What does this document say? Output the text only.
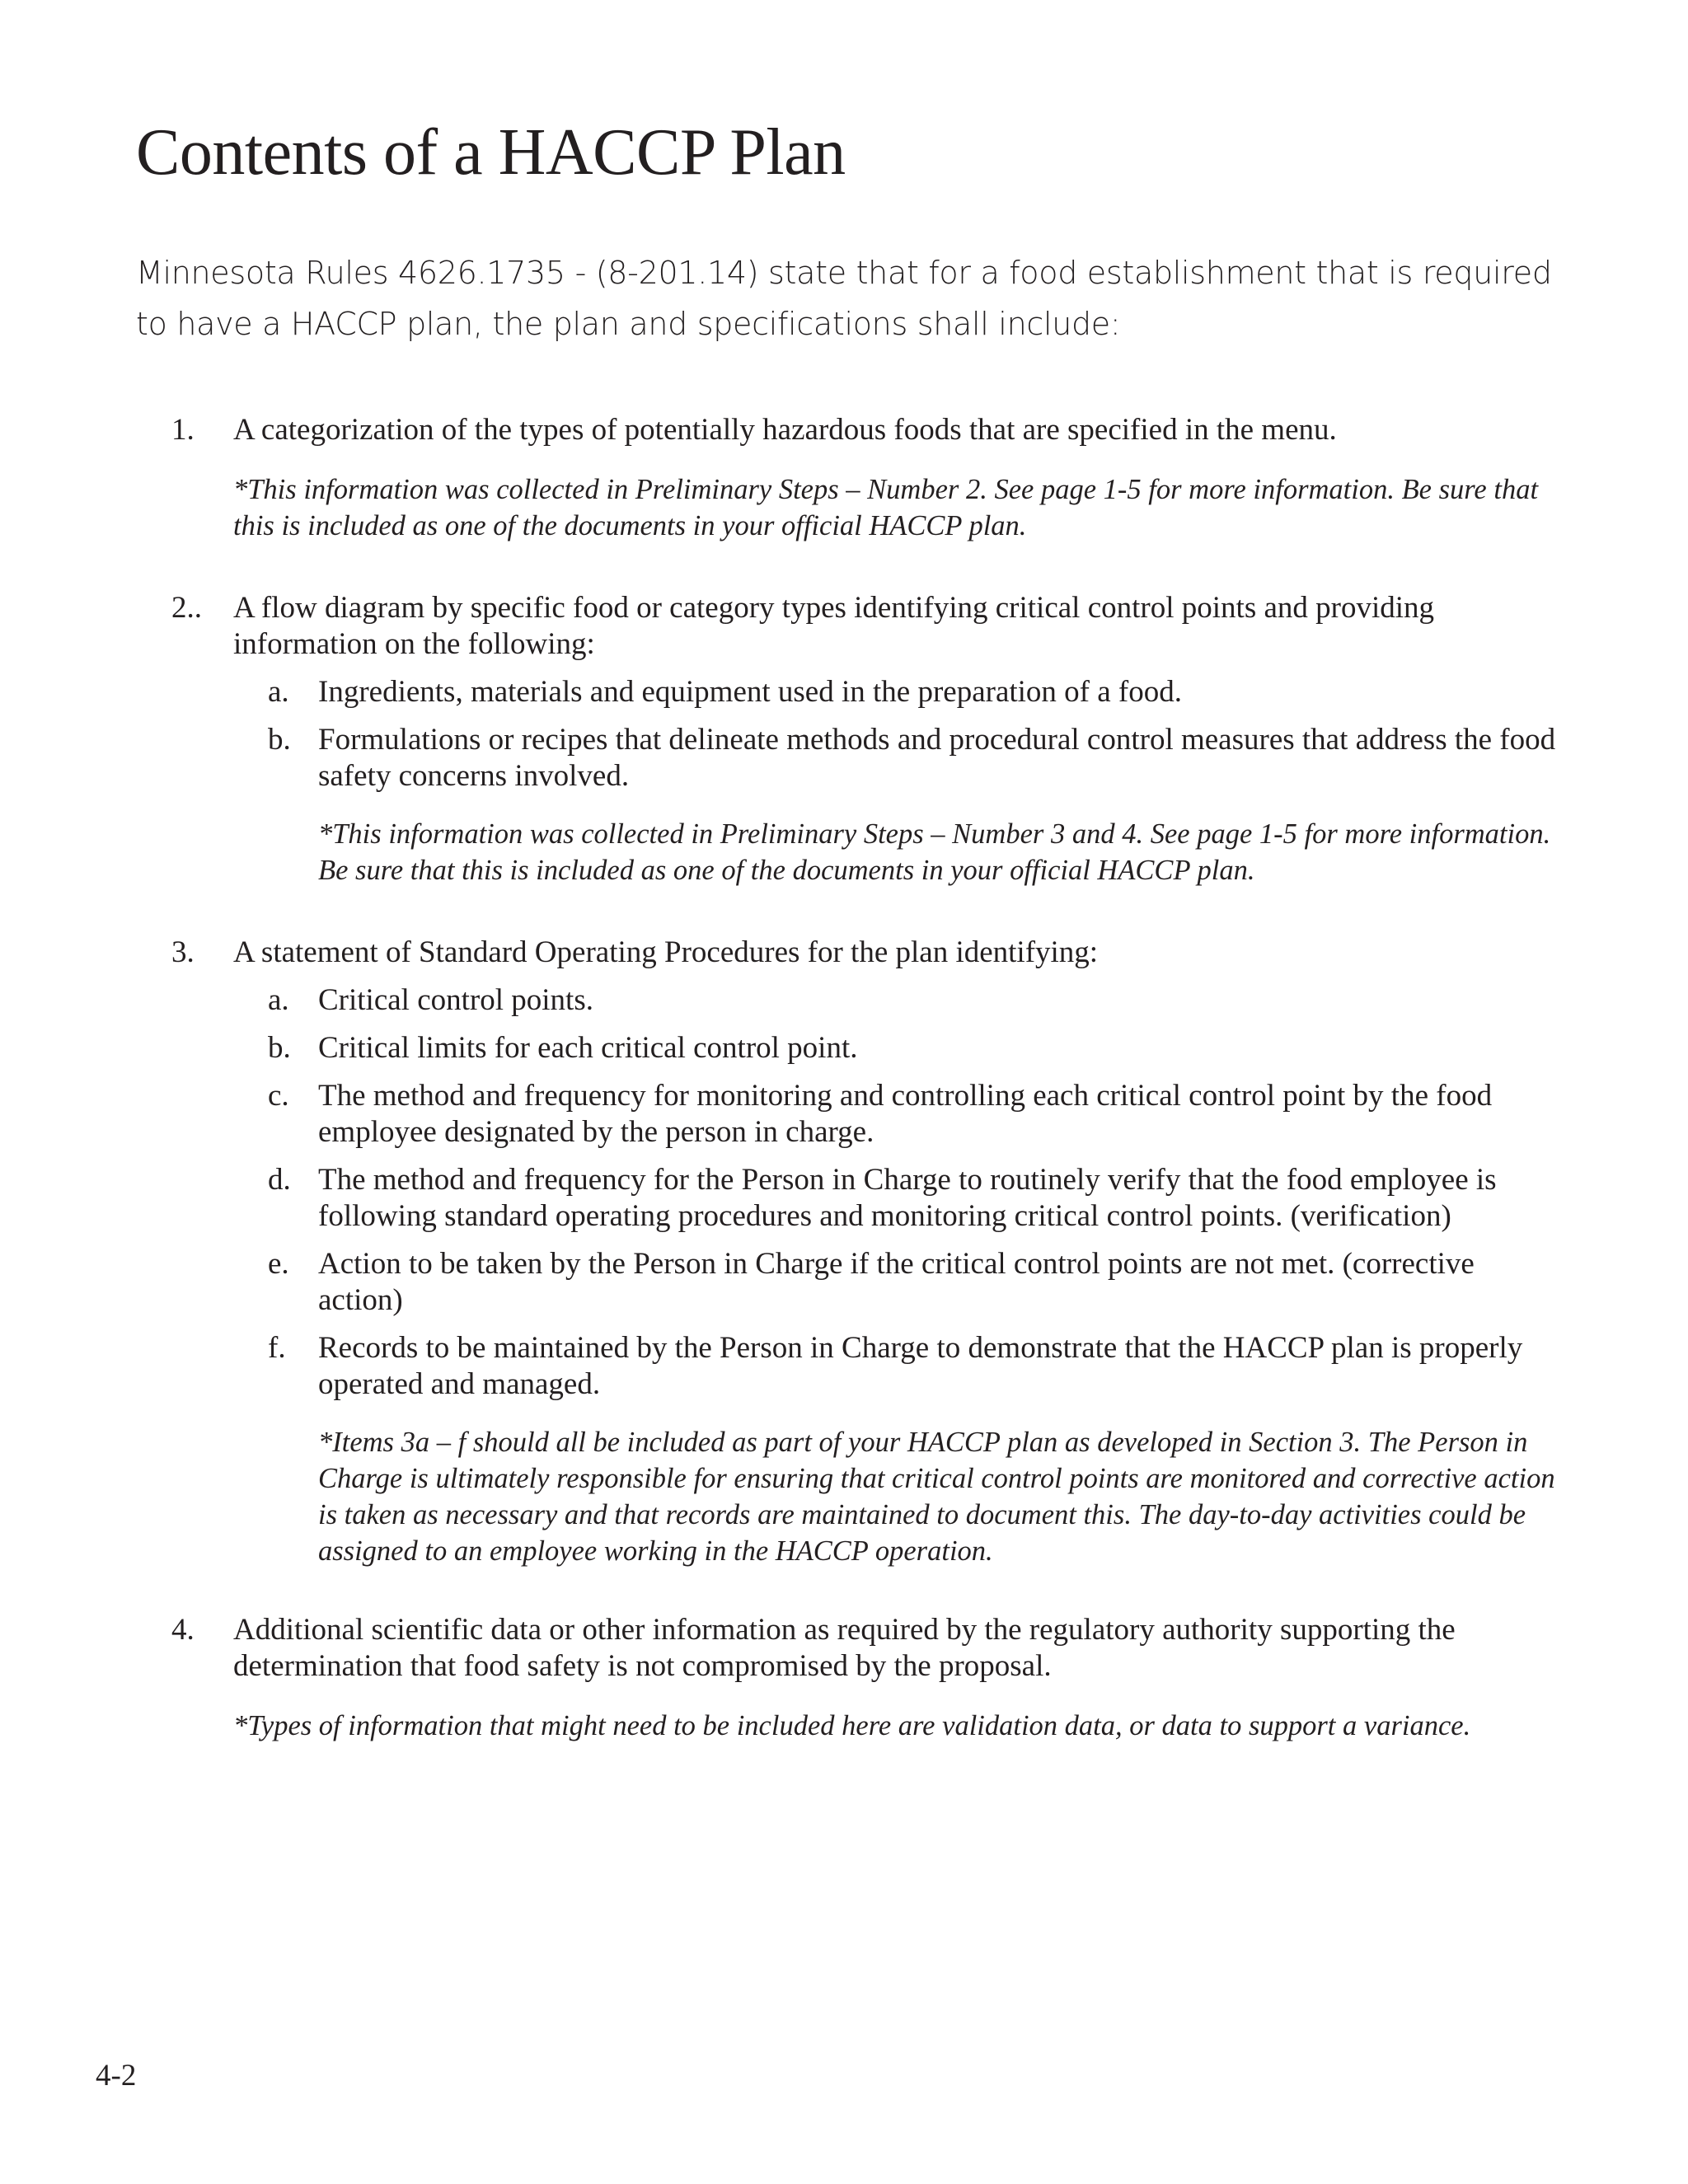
Contents of a HACCP Plan

Minnesota Rules 4626.1735 - (8-201.14) state that for a food establishment that is required to have a HACCP plan, the plan and specifications shall include:

1. A categorization of the types of potentially hazardous foods that are specified in the menu.
*This information was collected in Preliminary Steps – Number 2. See page 1-5 for more information. Be sure that this is included as one of the documents in your official HACCP plan.
2.. A flow diagram by specific food or category types identifying critical control points and providing information on the following:
a. Ingredients, materials and equipment used in the preparation of a food.
b. Formulations or recipes that delineate methods and procedural control measures that address the food safety concerns involved.
*This information was collected in Preliminary Steps – Number 3 and 4. See page 1-5 for more information. Be sure that this is included as one of the documents in your official HACCP plan.
3. A statement of Standard Operating Procedures for the plan identifying:
a. Critical control points.
b. Critical limits for each critical control point.
c. The method and frequency for monitoring and controlling each critical control point by the food employee designated by the person in charge.
d. The method and frequency for the Person in Charge to routinely verify that the food employee is following standard operating procedures and monitoring critical control points. (verification)
e. Action to be taken by the Person in Charge if the critical control points are not met. (corrective action)
f. Records to be maintained by the Person in Charge to demonstrate that the HACCP plan is properly operated and managed.
*Items 3a – f should all be included as part of your HACCP plan as developed in Section 3. The Person in Charge is ultimately responsible for ensuring that critical control points are monitored and corrective action is taken as necessary and that records are maintained to document this. The day-to-day activities could be assigned to an employee working in the HACCP operation.
4. Additional scientific data or other information as required by the regulatory authority supporting the determination that food safety is not compromised by the proposal.
*Types of information that might need to be included here are validation data, or data to support a variance.
4-2
